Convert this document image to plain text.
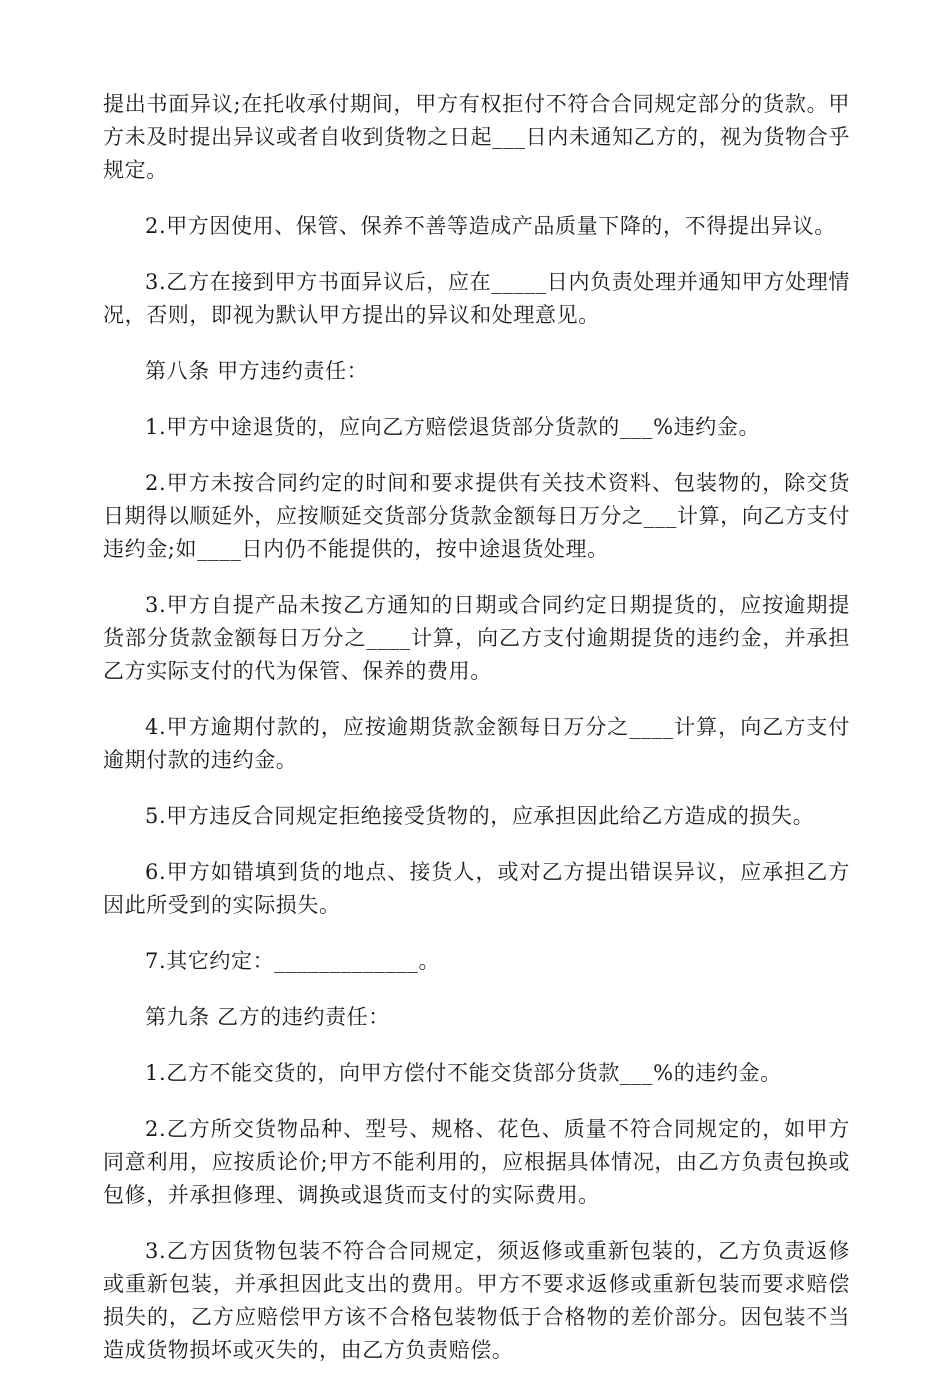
提出书面异议;在托收承付期间，甲方有权拒付不符合合同规定部分的货款。甲方未及时提出异议或者自收到货物之日起___日内未通知乙方的，视为货物合乎规定。

2.甲方因使用、保管、保养不善等造成产品质量下降的，不得提出异议。

3.乙方在接到甲方书面异议后，应在_____日内负责处理并通知甲方处理情况，否则，即视为默认甲方提出的异议和处理意见。

第八条 甲方违约责任：

1.甲方中途退货的，应向乙方赔偿退货部分货款的___%违约金。

2.甲方未按合同约定的时间和要求提供有关技术资料、包装物的，除交货日期得以顺延外，应按顺延交货部分货款金额每日万分之___计算，向乙方支付违约金;如____日内仍不能提供的，按中途退货处理。

3.甲方自提产品未按乙方通知的日期或合同约定日期提货的，应按逾期提货部分货款金额每日万分之____计算，向乙方支付逾期提货的违约金，并承担乙方实际支付的代为保管、保养的费用。

4.甲方逾期付款的，应按逾期货款金额每日万分之____计算，向乙方支付逾期付款的违约金。

5.甲方违反合同规定拒绝接受货物的，应承担因此给乙方造成的损失。

6.甲方如错填到货的地点、接货人，或对乙方提出错误异议，应承担乙方因此所受到的实际损失。

7.其它约定：_____________。

第九条 乙方的违约责任：

1.乙方不能交货的，向甲方偿付不能交货部分货款___%的违约金。

2.乙方所交货物品种、型号、规格、花色、质量不符合同规定的，如甲方同意利用，应按质论价;甲方不能利用的，应根据具体情况，由乙方负责包换或包修，并承担修理、调换或退货而支付的实际费用。

3.乙方因货物包装不符合合同规定，须返修或重新包装的，乙方负责返修或重新包装，并承担因此支出的费用。甲方不要求返修或重新包装而要求赔偿损失的，乙方应赔偿甲方该不合格包装物低于合格物的差价部分。因包装不当造成货物损坏或灭失的，由乙方负责赔偿。
